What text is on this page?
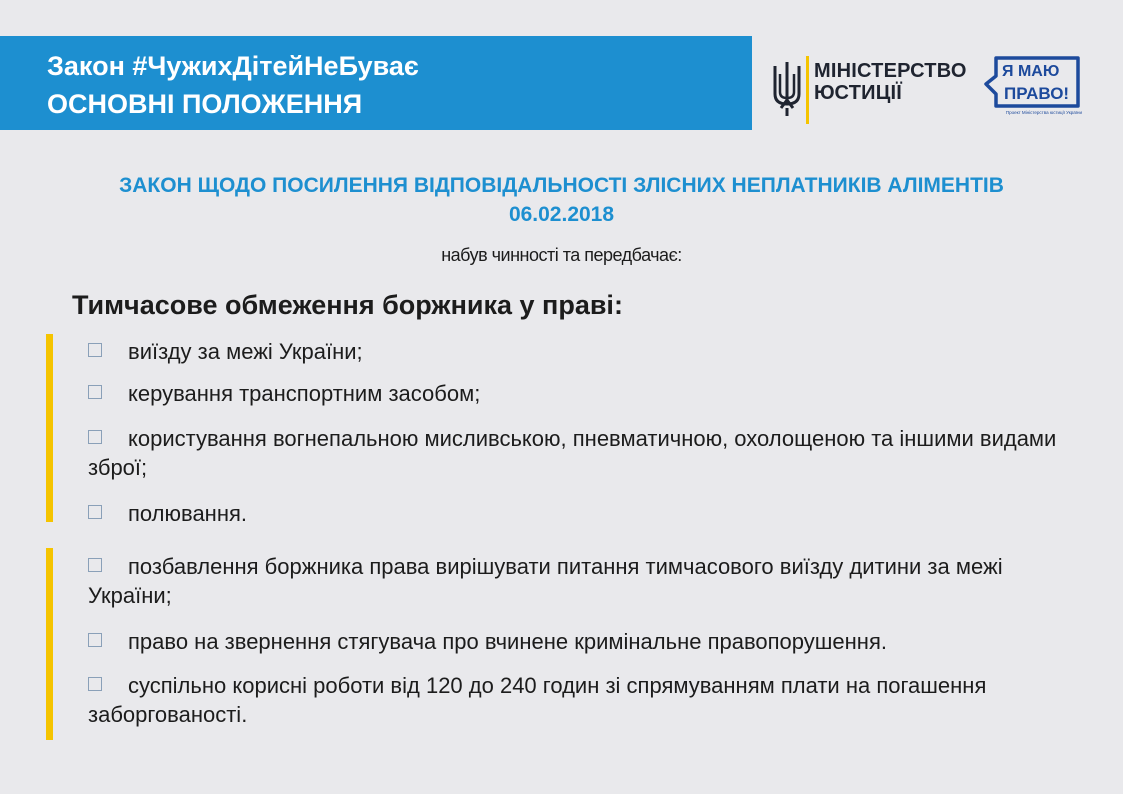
Закон #ЧужихДітейНеБуває
ОСНОВНІ ПОЛОЖЕННЯ
МІНІСТЕРСТВО
ЮСТИЦІЇ
Я МАЮ
ПРАВО!
Проект Міністерства юстиції України
ЗАКОН ЩОДО ПОСИЛЕННЯ ВІДПОВІДАЛЬНОСТІ ЗЛІСНИХ НЕПЛАТНИКІВ АЛІМЕНТІВ
06.02.2018
набув чинності та передбачає:
Тимчасове обмеження боржника у праві:
виїзду за межі України;
керування транспортним засобом;
користування вогнепальною мисливською, пневматичною, охолощеною та іншими видами зброї;
полювання.
позбавлення боржника права вирішувати питання тимчасового виїзду дитини за межі України;
право на звернення стягувача про вчинене кримінальне правопорушення.
суспільно корисні роботи від 120 до 240 годин зі спрямуванням плати на погашення заборгованості.
